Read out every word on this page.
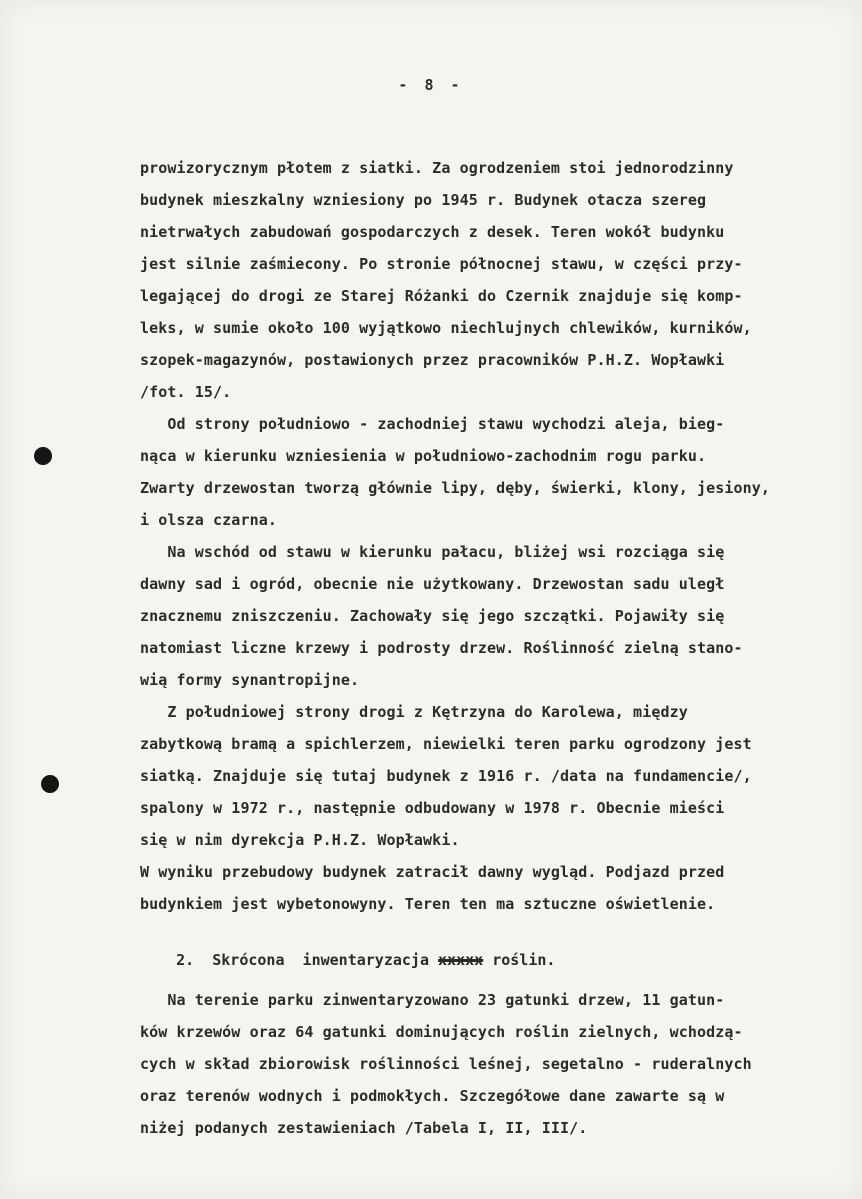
- 8 -
prowizorycznym płotem z siatki. Za ogrodzeniem stoi jednorodzinny
budynek mieszkalny wzniesiony po 1945 r. Budynek otacza szereg
nietrwałych zabudowań gospodarczych z desek. Teren wokół budynku
jest silnie zaśmiecony. Po stronie północnej stawu, w części przy-
legającej do drogi ze Starej Różanki do Czernik znajduje się komp-
leks, w sumie około 100 wyjątkowo niechlujnych chlewików, kurników,
szopek-magazynów, postawionych przez pracowników P.H.Z. Wopławki
/fot. 15/.
Od strony południowo - zachodniej stawu wychodzi aleja, bieg-
nąca w kierunku wzniesienia w południowo-zachodnim rogu parku.
Zwarty drzewostan tworzą głównie lipy, dęby, świerki, klony, jesiony,
i olsza czarna.
Na wschód od stawu w kierunku pałacu, bliżej wsi rozciąga się
dawny sad i ogród, obecnie nie użytkowany. Drzewostan sadu uległ
znacznemu zniszczeniu. Zachowały się jego szczątki. Pojawiły się
natomiast liczne krzewy i podrosty drzew. Roślinność zielną stano-
wią formy synantropijne.
Z południowej strony drogi z Kętrzyna do Karolewa, między
zabytkową bramą a spichlerzem, niewielki teren parku ogrodzony jest
siatką. Znajduje się tutaj budynek z 1916 r. /data na fundamencie/,
spalony w 1972 r., następnie odbudowany w 1978 r. Obecnie mieści
się w nim dyrekcja P.H.Z. Wopławki.
W wyniku przebudowy budynek zatracił dawny wygląd. Podjazd przed
budynkiem jest wybetonowyny. Teren ten ma sztuczne oświetlenie.
Na terenie parku zinwentaryzowano 23 gatunki drzew, 11 gatun-
ków krzewów oraz 64 gatunki dominujących roślin zielnych, wchodzą-
cych w skład zbiorowisk roślinności leśnej, segetalno - ruderalnych
oraz terenów wodnych i podmokłych. Szczegółowe dane zawarte są w
niżej podanych zestawieniach /Tabela I, II, III/.

2. Skrócona  inwentaryzacja xxxxx roślin.
